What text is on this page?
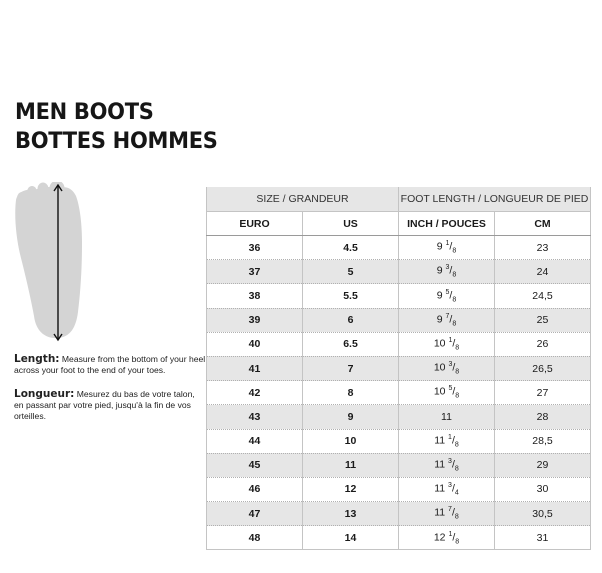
MEN BOOTS
BOTTES HOMMES
Length: Measure from the bottom of your heel across your foot to the end of your toes.
Longueur: Mesurez du bas de votre talon, en passant par votre pied, jusqu'à la fin de vos orteilles.
SIZE / GRANDEUR		FOOT LENGTH / LONGUEUR DE PIED	
EURO	US	INCH / POUCES	CM
36	4.5	9 $^1/_8$	23
37	5	9 $^3/_8$	24
38	5.5	9 $^5/_8$	24,5
39	6	9 $^7/_8$	25
40	6.5	10 $^1/_8$	26
41	7	10 $^3/_8$	26,5
42	8	10 $^5/_8$	27
43	9	11	28
44	10	11 $^1/_8$	28,5
45	11	11 $^3/_8$	29
46	12	11 $^3/_4$	30
47	13	11 $^7/_8$	30,5
48	14	12 $^1/_8$	31
